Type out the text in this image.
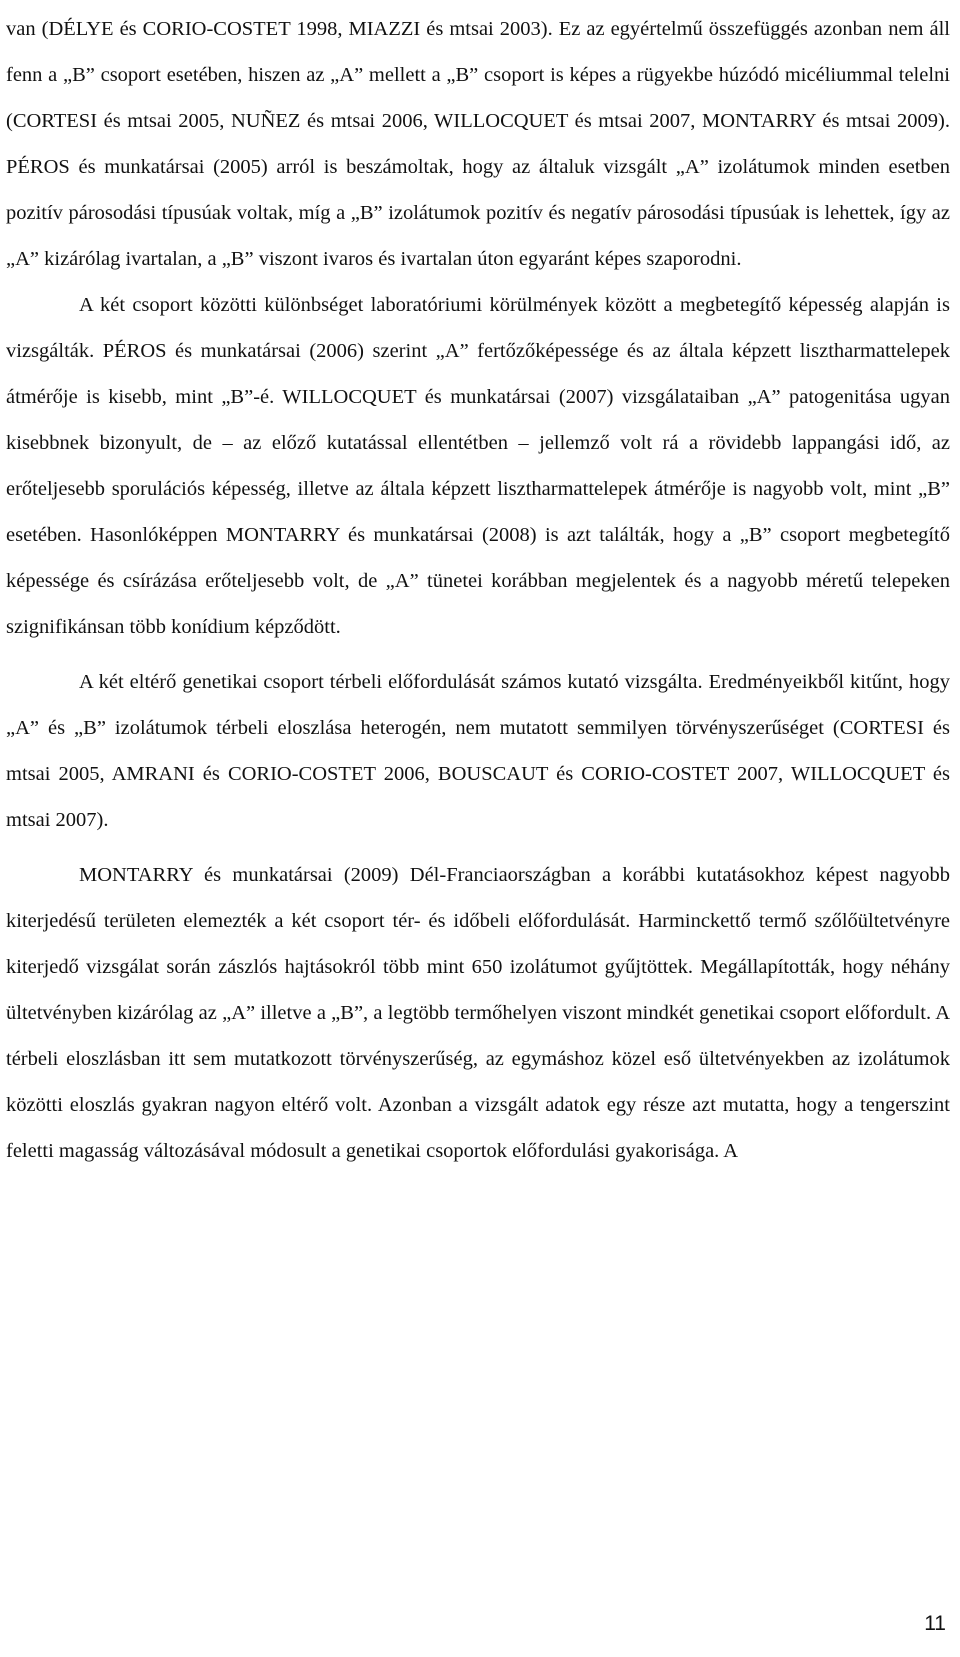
van (DÉLYE és CORIO-COSTET 1998, MIAZZI és mtsai 2003). Ez az egyértelmű összefüggés azonban nem áll fenn a „B” csoport esetében, hiszen az „A” mellett a „B” csoport is képes a rügyekbe húzódó micéliummal telelni (CORTESI és mtsai 2005, NUÑEZ és mtsai 2006, WILLOCQUET és mtsai 2007, MONTARRY és mtsai 2009). PÉROS és munkatársai (2005) arról is beszámoltak, hogy az általuk vizsgált „A” izolátumok minden esetben pozitív párosodási típusúak voltak, míg a „B” izolátumok pozitív és negatív párosodási típusúak is lehettek, így az „A” kizárólag ivartalan, a „B” viszont ivaros és ivartalan úton egyaránt képes szaporodni.

A két csoport közötti különbséget laboratóriumi körülmények között a megbetegítő képesség alapján is vizsgálták. PÉROS és munkatársai (2006) szerint „A” fertőzőképessége és az általa képzett lisztharmattelepek átmérője is kisebb, mint „B”-é. WILLOCQUET és munkatársai (2007) vizsgálataiban „A” patogenitása ugyan kisebbnek bizonyult, de – az előző kutatással ellentétben – jellemző volt rá a rövidebb lappangási idő, az erőteljesebb sporulációs képesség, illetve az általa képzett lisztharmattelepek átmérője is nagyobb volt, mint „B” esetében. Hasonlóképpen MONTARRY és munkatársai (2008) is azt találták, hogy a „B” csoport megbetegítő képessége és csírázása erőteljesebb volt, de „A” tünetei korábban megjelentek és a nagyobb méretű telepeken szignifikánsan több konídium képződött.

A két eltérő genetikai csoport térbeli előfordulását számos kutató vizsgálta. Eredményeikből kitűnt, hogy „A” és „B” izolátumok térbeli eloszlása heterogén, nem mutatott semmilyen törvényszerűséget (CORTESI és mtsai 2005, AMRANI és CORIO-COSTET 2006, BOUSCAUT és CORIO-COSTET 2007, WILLOCQUET és mtsai 2007).

MONTARRY és munkatársai (2009) Dél-Franciaországban a korábbi kutatásokhoz képest nagyobb kiterjedésű területen elemezték a két csoport tér- és időbeli előfordulását. Harminckettő termő szőlőültetvényre kiterjedő vizsgálat során zászlós hajtásokról több mint 650 izolátumot gyűjtöttek. Megállapították, hogy néhány ültetvényben kizárólag az „A” illetve a „B”, a legtöbb termőhelyen viszont mindkét genetikai csoport előfordult. A térbeli eloszlásban itt sem mutatkozott törvényszerűség, az egymáshoz közel eső ültetvényekben az izolátumok közötti eloszlás gyakran nagyon eltérő volt. Azonban a vizsgált adatok egy része azt mutatta, hogy a tengerszint feletti magasság változásával módosult a genetikai csoportok előfordulási gyakorisága. A

11
